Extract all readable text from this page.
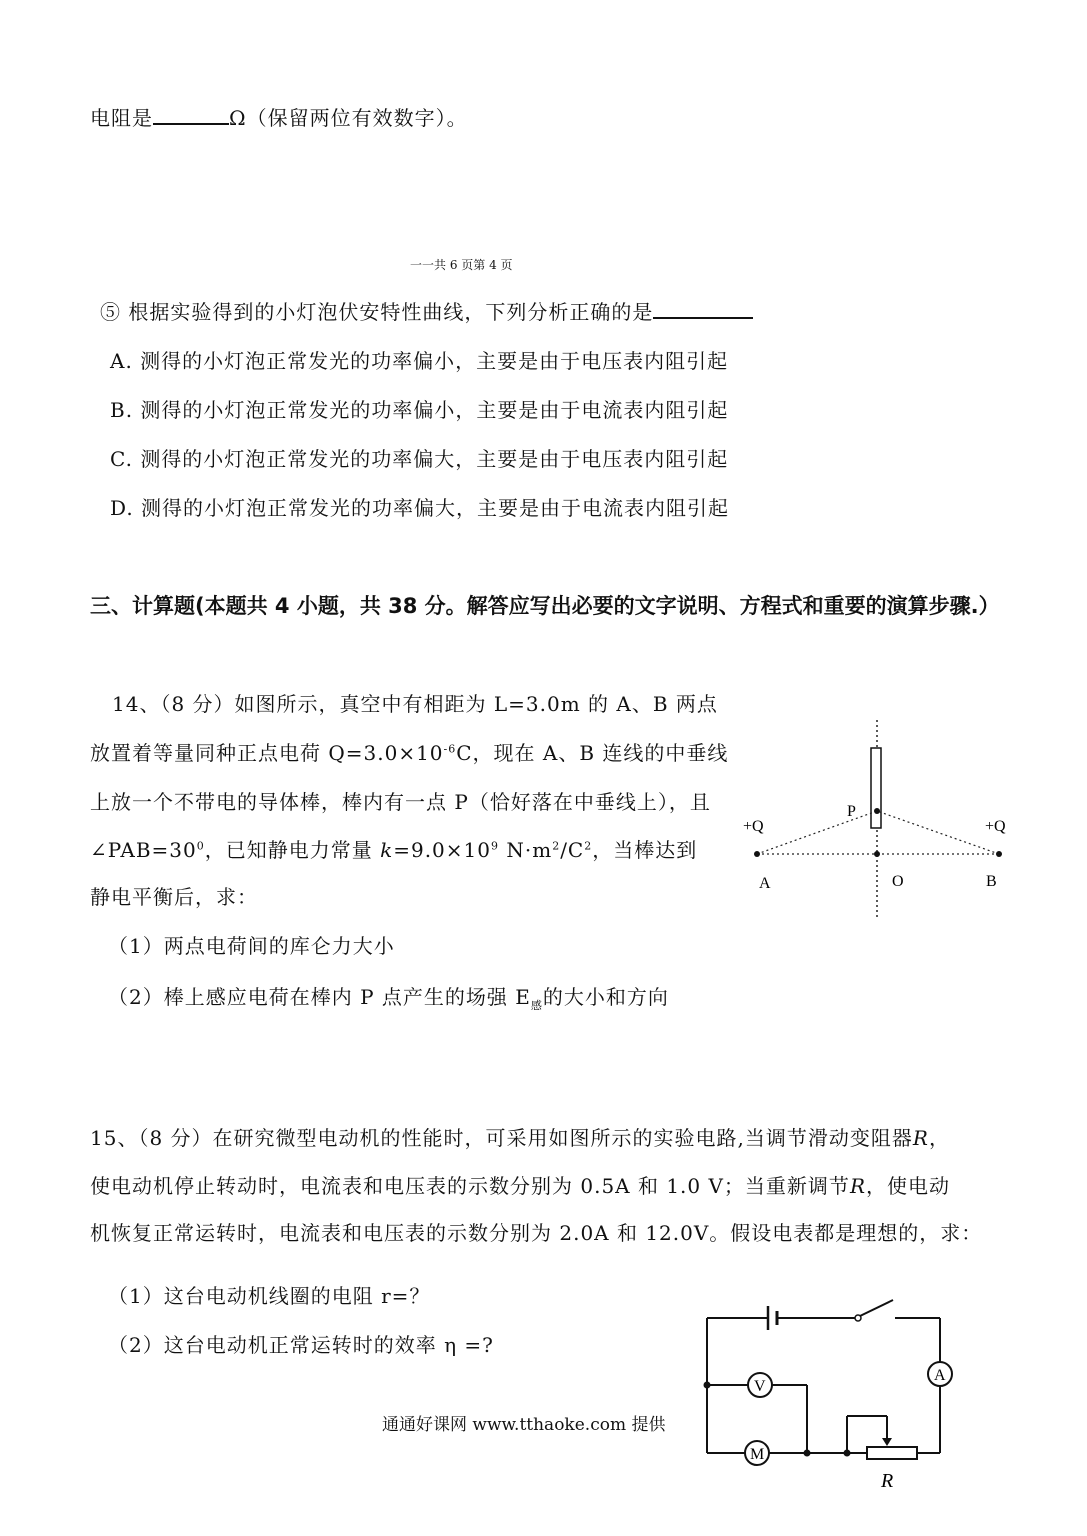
电阻是	Ω（保留两位有效数字）。
一一共 6 页第 4 页
⑤ 根据实验得到的小灯泡伏安特性曲线，下列分析正确的是
A. 测得的小灯泡正常发光的功率偏小，主要是由于电压表内阻引起
B. 测得的小灯泡正常发光的功率偏小，主要是由于电流表内阻引起
C. 测得的小灯泡正常发光的功率偏大，主要是由于电压表内阻引起
D. 测得的小灯泡正常发光的功率偏大，主要是由于电流表内阻引起
三、计算题(本题共 4 小题，共 38 分。解答应写出必要的文字说明、方程式和重要的演算步骤.）
14、（8 分）如图所示，真空中有相距为 L=3.0m 的 A、B 两点
放置着等量同种正点电荷 $Q=3.0\times 10^{-6}C$，现在 A、B 连线的中垂线
上放一个不带电的导体棒，棒内有一点 P（恰好落在中垂线上），且
$\angle PAB=30^0$，已知静电力常量 $k=9.0\times 10^9$ $N\cdot m^2/C^2$，当棒达到
静电平衡后，求：
（1）两点电荷间的库仑力大小
（2）棒上感应电荷在棒内 P 点产生的场强 $E_感$的大小和方向
+Q	+Q
P
A	O	B
15、（8 分）在研究微型电动机的性能时，可采用如图所示的实验电路,当调节滑动变阻器R，
使电动机停止转动时，电流表和电压表的示数分别为 0.5A 和 1.0 V；当重新调节R，使电动
机恢复正常运转时，电流表和电压表的示数分别为 2.0A 和 12.0V。假设电表都是理想的，求：
（1）这台电动机线圈的电阻 r=？
（2）这台电动机正常运转时的效率 η =?
通通好课网 www.tthaoke.com 提供
A
V
M
R
